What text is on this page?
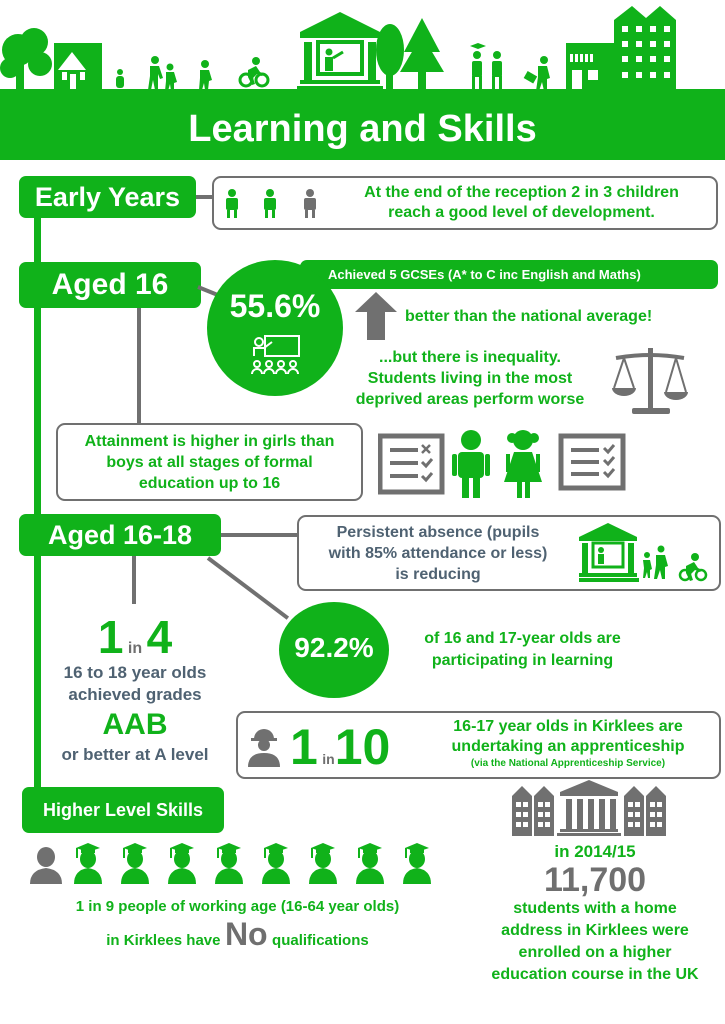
Learning and Skills
Early Years	At the end of the reception 2 in 3 children
reach a good level of development.
Aged 16	Achieved 5 GCSEs (A* to C inc English and Maths)
55.6%	better than the national average!
...but there is inequality.
Students living in the most
deprived areas perform worse
Attainment is higher in girls than
boys at all stages of formal
education up to 16
Aged 16-18	Persistent absence (pupils
with 85% attendance or less)
is reducing
1 in 4
16 to 18 year olds
achieved grades
AAB
or better at A level
92.2%	of 16 and 17-year olds are
participating in learning
1 in10	16-17 year olds in Kirklees are
undertaking an apprenticeship
(via the National Apprenticeship Service)
Higher Level Skills
1 in 9 people of working age (16-64 year olds)
in Kirklees have No qualifications
in 2014/15
11,700
students with a home
address in Kirklees were
enrolled on a higher
education course in the UK
